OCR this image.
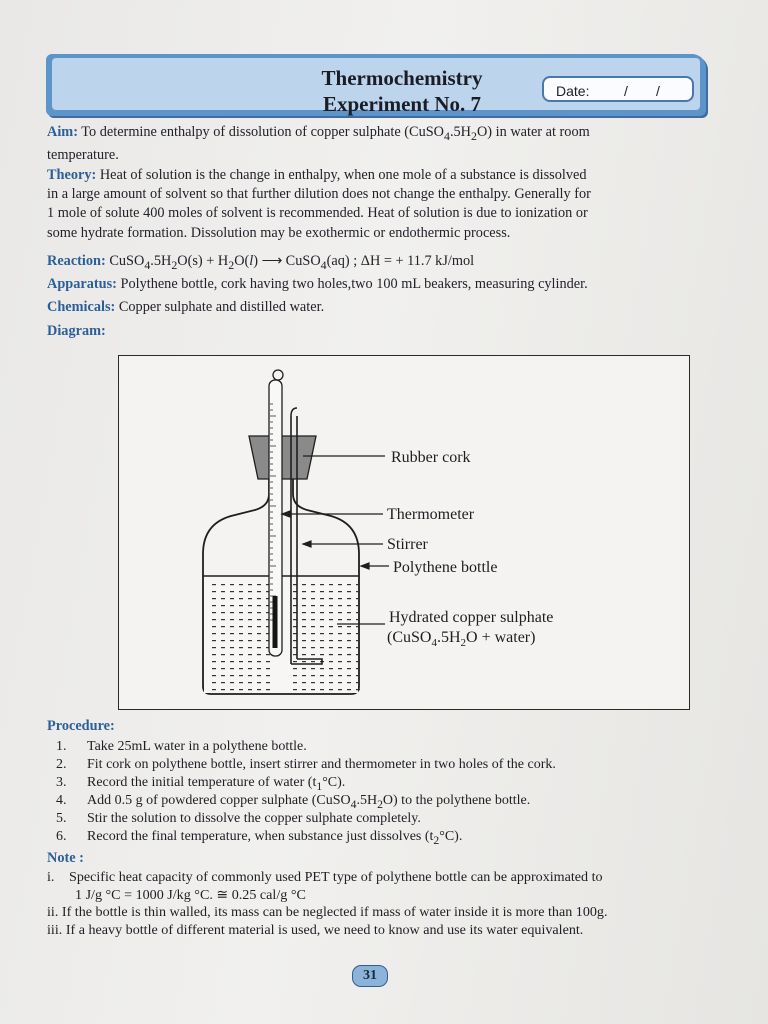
Thermochemistry
Experiment No. 7
Date: / /
Aim: To determine enthalpy of dissolution of copper sulphate $(CuSO_4.5H_2O)$ in water at room
temperature.
Theory: Heat of solution is the change in enthalpy, when one mole of a substance is dissolved
in a large amount of solvent so that further dilution does not change the enthalpy. Generally for
1 mole of solute 400 moles of solvent is recommended. Heat of solution is due to ionization or
some hydrate formation. Dissolution may be exothermic or endothermic process.
Reaction: $CuSO_4.5H_2O(s) + H_2O(l)$ ⟶ CuSO$_4$(aq) ; ΔH = + 11.7 kJ/mol
Apparatus: Polythene bottle, cork having two holes,two 100 mL beakers, measuring cylinder.
Chemicals: Copper sulphate and distilled water.
Diagram:
Rubber cork
Thermometer
Stirrer
Polythene bottle
Hydrated copper sulphate
($CuSO_4.5H_2O$ + water)
Procedure:
1. Take 25mL water in a polythene bottle.
2. Fit cork on polythene bottle, insert stirrer and thermometer in two holes of the cork.
3. Record the initial temperature of water $(t_1^\circ C)$.
4. Add 0.5 g of powdered copper sulphate $(CuSO_4.5H_2O)$ to the polythene bottle.
5. Stir the solution to dissolve the copper sulphate completely.
6. Record the final temperature, when substance just dissolves $(t_2^\circ C)$.
Note :
i. Specific heat capacity of commonly used PET type of polythene bottle can be approximated to
1 J/g °C = 1000 J/kg °C. ≅ 0.25 cal/g °C
ii. If the bottle is thin walled, its mass can be neglected if mass of water inside it is more than 100g.
iii. If a heavy bottle of different material is used, we need to know and use its water equivalent.
31
